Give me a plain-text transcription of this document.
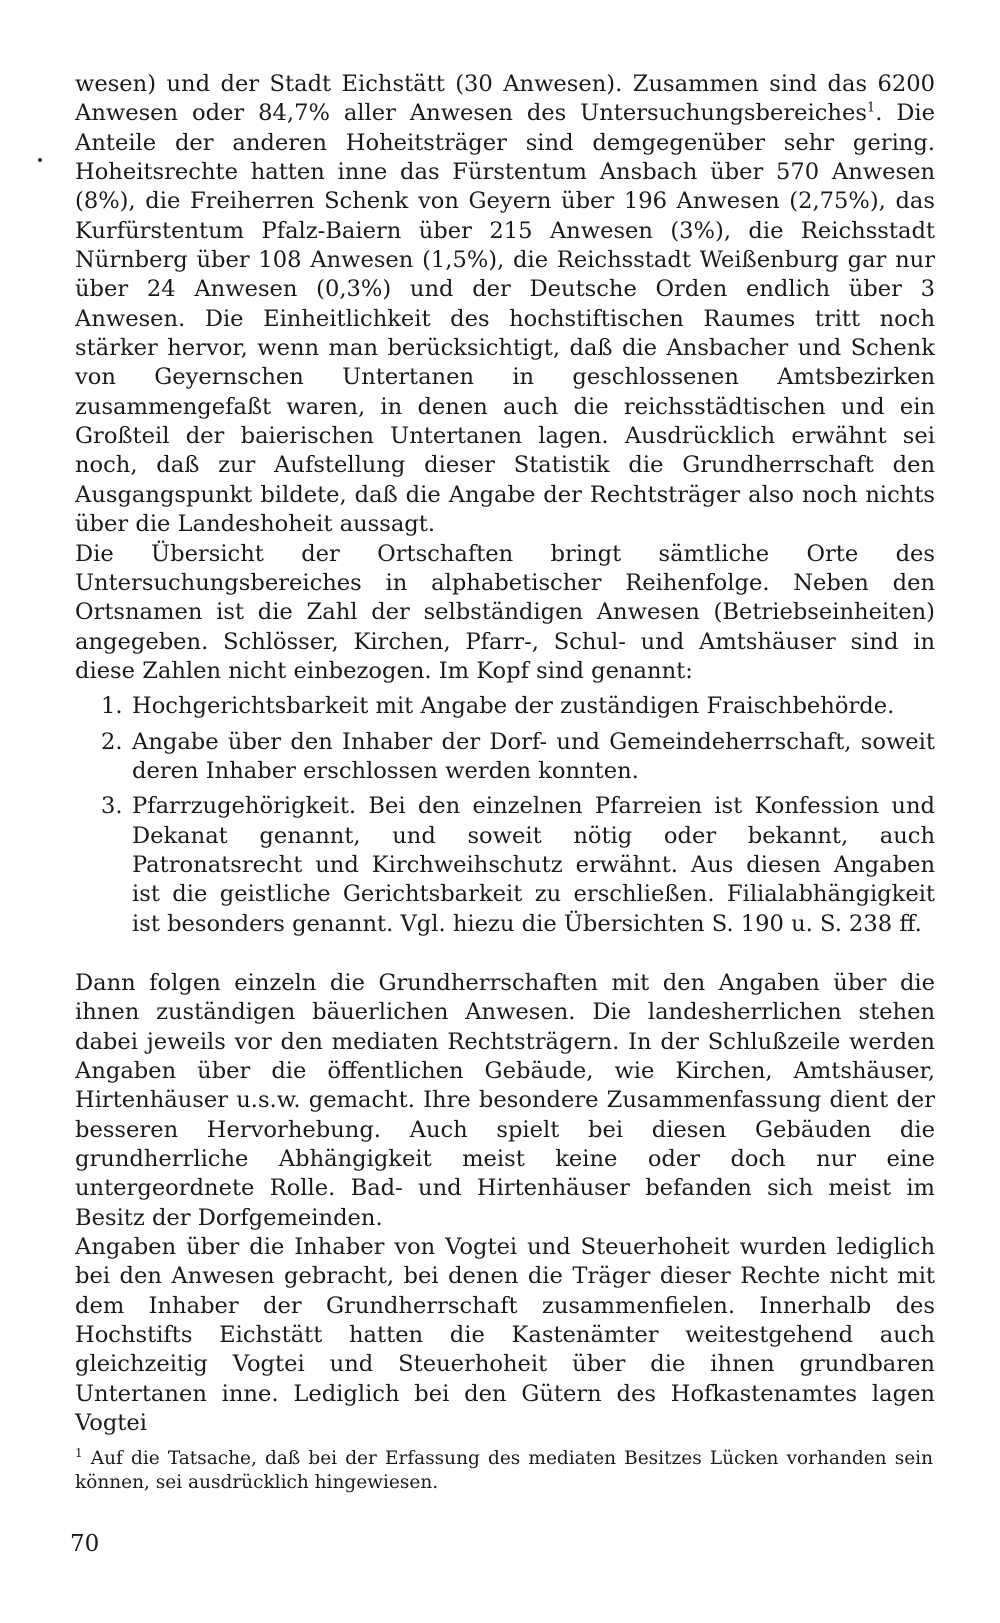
wesen) und der Stadt Eichstätt (30 Anwesen). Zusammen sind das 6200 Anwesen oder 84,7% aller Anwesen des Untersuchungsbereiches$^1$. Die Anteile der anderen Hoheitsträger sind demgegenüber sehr gering. Hoheitsrechte hatten inne das Fürstentum Ansbach über 570 Anwesen (8%), die Freiherren Schenk von Geyern über 196 Anwesen (2,75%), das Kurfürstentum Pfalz-Baiern über 215 Anwesen (3%), die Reichsstadt Nürnberg über 108 Anwesen (1,5%), die Reichsstadt Weißenburg gar nur über 24 Anwesen (0,3%) und der Deutsche Orden endlich über 3 Anwesen. Die Einheitlichkeit des hochstiftischen Raumes tritt noch stärker hervor, wenn man berücksichtigt, daß die Ansbacher und Schenk von Geyernschen Untertanen in geschlossenen Amtsbezirken zusammengefaßt waren, in denen auch die reichsstädtischen und ein Großteil der baierischen Untertanen lagen. Ausdrücklich erwähnt sei noch, daß zur Aufstellung dieser Statistik die Grundherrschaft den Ausgangspunkt bildete, daß die Angabe der Rechtsträger also noch nichts über die Landeshoheit aussagt.

Die Übersicht der Ortschaften bringt sämtliche Orte des Untersuchungsbereiches in alphabetischer Reihenfolge. Neben den Ortsnamen ist die Zahl der selbständigen Anwesen (Betriebseinheiten) angegeben. Schlösser, Kirchen, Pfarr-, Schul- und Amtshäuser sind in diese Zahlen nicht einbezogen. Im Kopf sind genannt:

1. Hochgerichtsbarkeit mit Angabe der zuständigen Fraischbehörde.
2. Angabe über den Inhaber der Dorf- und Gemeindeherrschaft, soweit deren Inhaber erschlossen werden konnten.
3. Pfarrzugehörigkeit. Bei den einzelnen Pfarreien ist Konfession und Dekanat genannt, und soweit nötig oder bekannt, auch Patronatsrecht und Kirchweihschutz erwähnt. Aus diesen Angaben ist die geistliche Gerichtsbarkeit zu erschließen. Filialabhängigkeit ist besonders genannt. Vgl. hiezu die Übersichten S. 190 u. S. 238 ff.

Dann folgen einzeln die Grundherrschaften mit den Angaben über die ihnen zuständigen bäuerlichen Anwesen. Die landesherrlichen stehen dabei jeweils vor den mediaten Rechtsträgern. In der Schlußzeile werden Angaben über die öffentlichen Gebäude, wie Kirchen, Amtshäuser, Hirtenhäuser u.s.w. gemacht. Ihre besondere Zusammenfassung dient der besseren Hervorhebung. Auch spielt bei diesen Gebäuden die grundherrliche Abhängigkeit meist keine oder doch nur eine untergeordnete Rolle. Bad- und Hirtenhäuser befanden sich meist im Besitz der Dorfgemeinden.

Angaben über die Inhaber von Vogtei und Steuerhoheit wurden lediglich bei den Anwesen gebracht, bei denen die Träger dieser Rechte nicht mit dem Inhaber der Grundherrschaft zusammenfielen. Innerhalb des Hochstifts Eichstätt hatten die Kastenämter weitestgehend auch gleichzeitig Vogtei und Steuerhoheit über die ihnen grundbaren Untertanen inne. Lediglich bei den Gütern des Hofkastenamtes lagen Vogtei

$^1$ Auf die Tatsache, daß bei der Erfassung des mediaten Besitzes Lücken vorhanden sein können, sei ausdrücklich hingewiesen.
70
